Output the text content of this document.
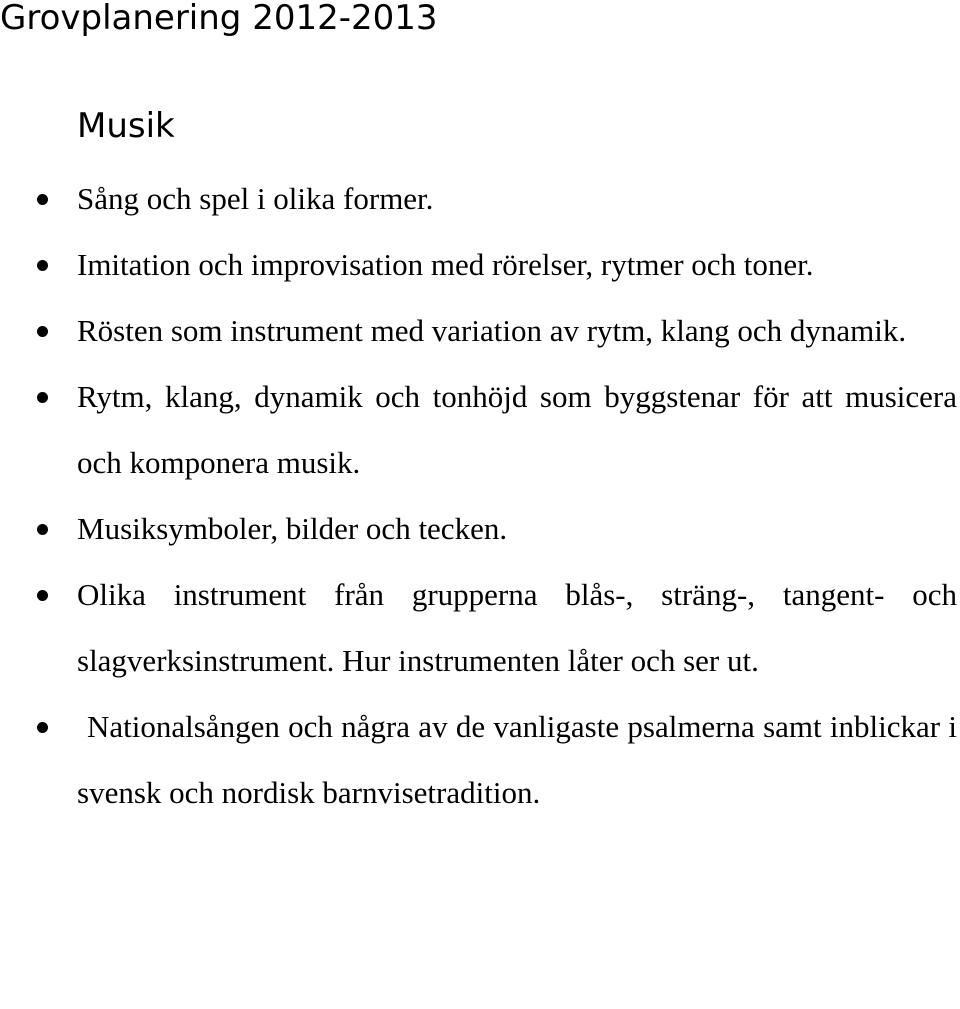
Grovplanering 2012-2013
Musik
Sång och spel i olika former.
Imitation och improvisation med rörelser, rytmer och toner.
Rösten som instrument med variation av rytm, klang och dynamik.
Rytm, klang, dynamik och tonhöjd som byggstenar för att musicera och komponera musik.
Musiksymboler, bilder och tecken.
Olika instrument från grupperna blås-, sträng-, tangent- och slagverksinstrument. Hur instrumenten låter och ser ut.
Nationalsången och några av de vanligaste psalmerna samt inblickar i svensk och nordisk barnvisetradition.
